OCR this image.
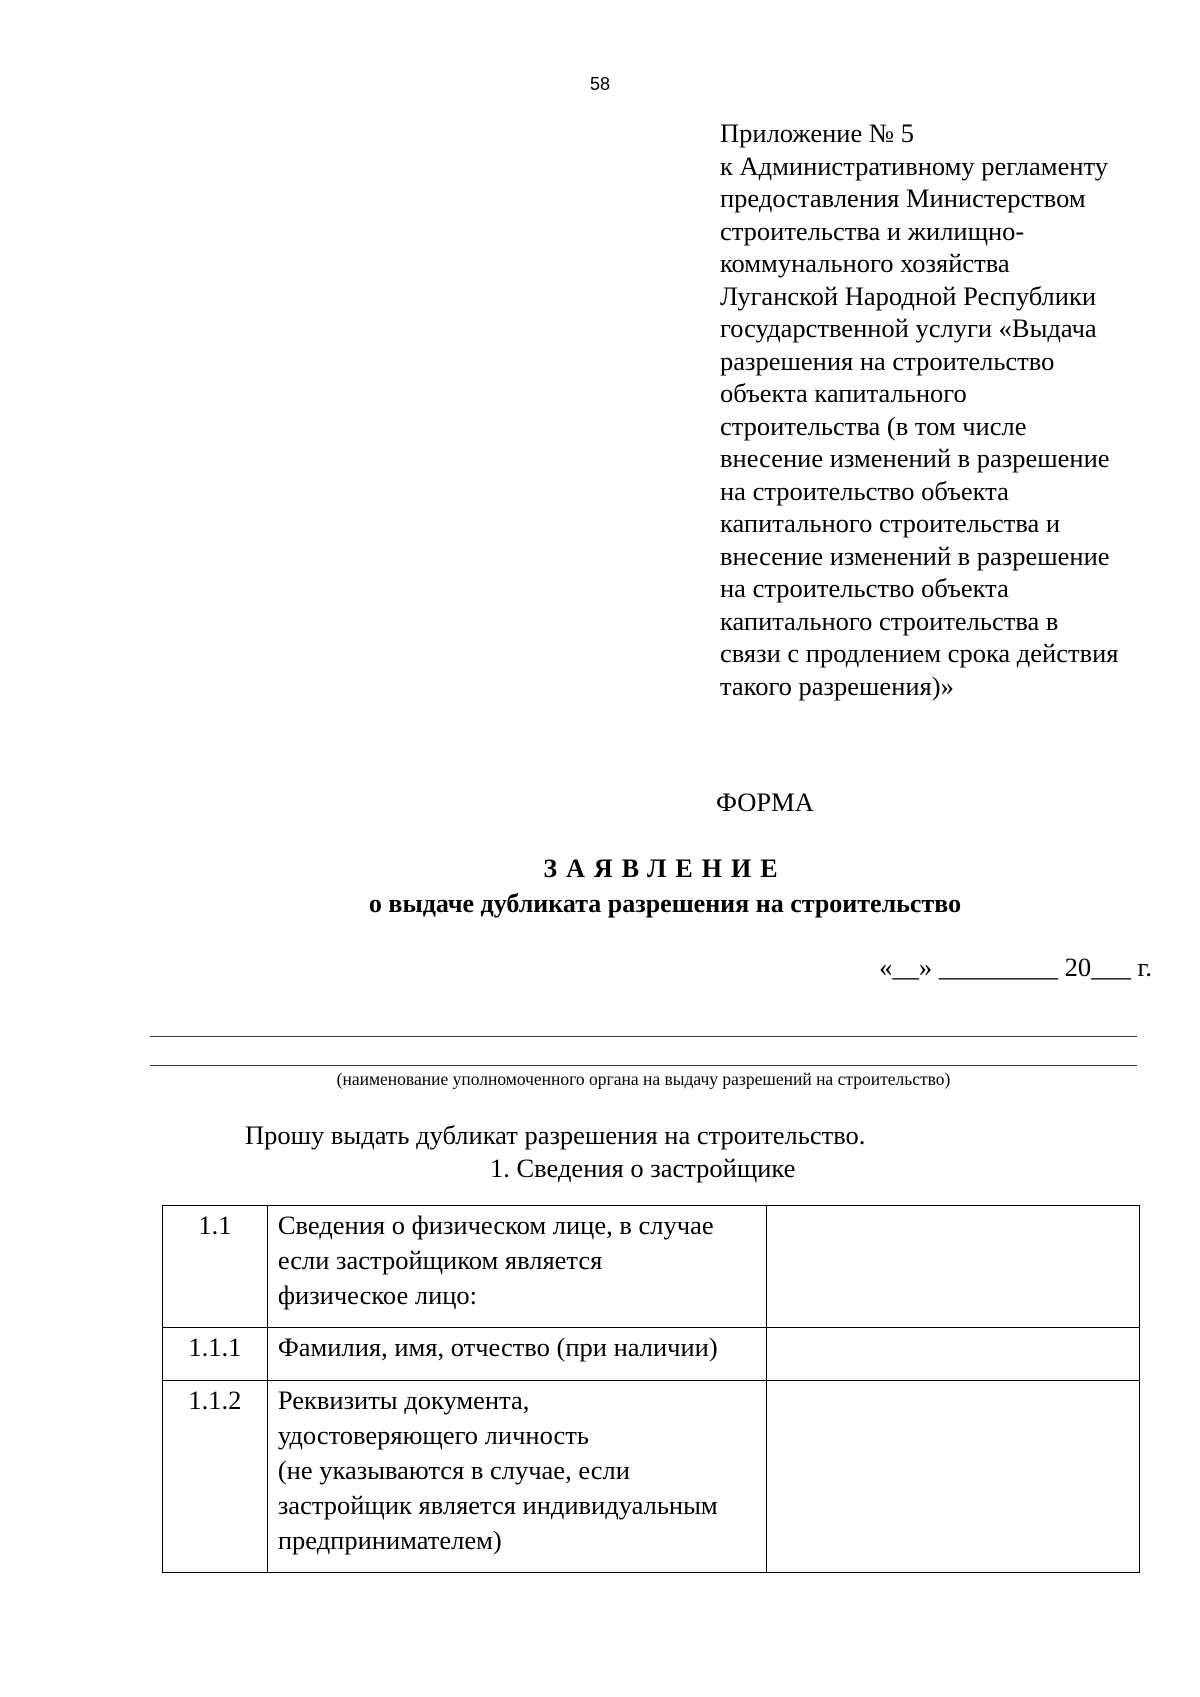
58
Приложение № 5
к Административному регламенту
предоставления Министерством
строительства и жилищно-
коммунального хозяйства
Луганской Народной Республики
государственной услуги «Выдача
разрешения на строительство
объекта капитального
строительства (в том числе
внесение изменений в разрешение
на строительство объекта
капитального строительства и
внесение изменений в разрешение
на строительство объекта
капитального строительства в
связи с продлением срока действия
такого разрешения)»
ФОРМА
ЗАЯВЛЕНИЕ
о выдаче дубликата разрешения на строительство
«__» _________ 20___ г.
(наименование уполномоченного органа на выдачу разрешений на строительство)
Прошу выдать дубликат разрешения на строительство.
1. Сведения о застройщике
1.1	Сведения о физическом лице, в случае
если застройщиком является
физическое лицо:	

1.1.1	Фамилия, имя, отчество (при наличии)	

1.1.2	Реквизиты документа,
удостоверяющего личность
(не указываются в случае, если
застройщик является индивидуальным
предпринимателем)	
